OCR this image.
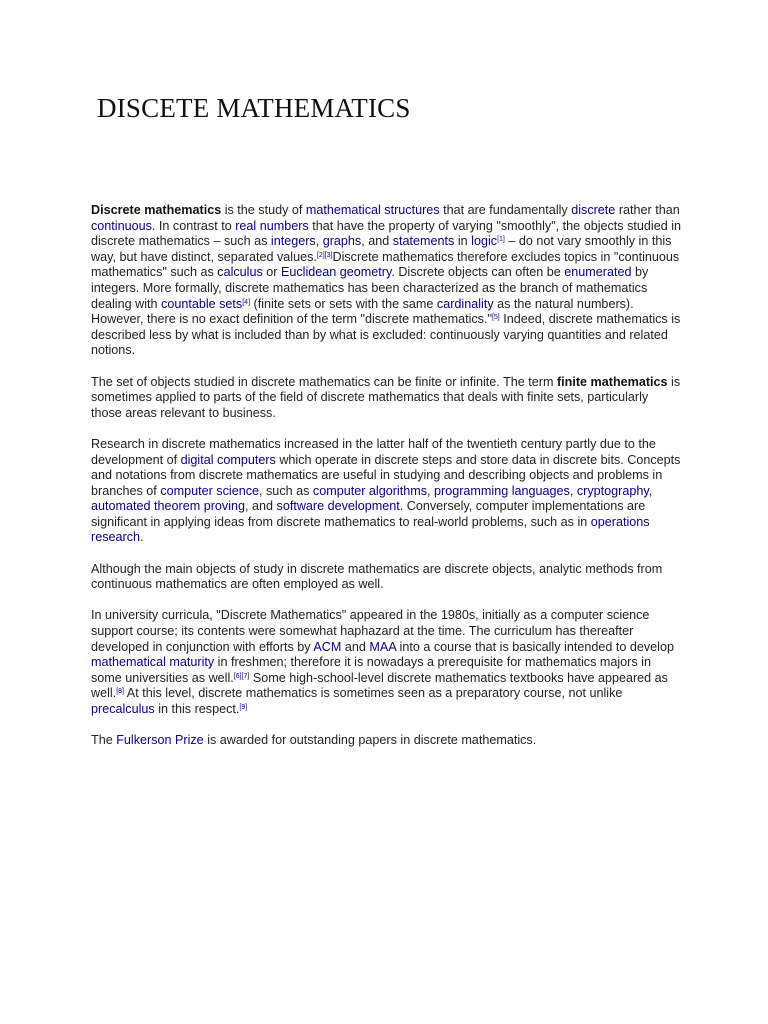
DISCETE MATHEMATICS

Discrete mathematics is the study of mathematical structures that are fundamentally discrete rather than continuous. In contrast to real numbers that have the property of varying "smoothly", the objects studied in discrete mathematics – such as integers, graphs, and statements in logic[1] – do not vary smoothly in this way, but have distinct, separated values.[2][3]Discrete mathematics therefore excludes topics in "continuous mathematics" such as calculus or Euclidean geometry. Discrete objects can often be enumerated by integers. More formally, discrete mathematics has been characterized as the branch of mathematics dealing with countable sets[4] (finite sets or sets with the same cardinality as the natural numbers). However, there is no exact definition of the term "discrete mathematics."[5] Indeed, discrete mathematics is described less by what is included than by what is excluded: continuously varying quantities and related notions.

The set of objects studied in discrete mathematics can be finite or infinite. The term finite mathematics is sometimes applied to parts of the field of discrete mathematics that deals with finite sets, particularly those areas relevant to business.

Research in discrete mathematics increased in the latter half of the twentieth century partly due to the development of digital computers which operate in discrete steps and store data in discrete bits. Concepts and notations from discrete mathematics are useful in studying and describing objects and problems in branches of computer science, such as computer algorithms, programming languages, cryptography, automated theorem proving, and software development. Conversely, computer implementations are significant in applying ideas from discrete mathematics to real-world problems, such as in operations research.

Although the main objects of study in discrete mathematics are discrete objects, analytic methods from continuous mathematics are often employed as well.

In university curricula, "Discrete Mathematics" appeared in the 1980s, initially as a computer science support course; its contents were somewhat haphazard at the time. The curriculum has thereafter developed in conjunction with efforts by ACM and MAA into a course that is basically intended to develop mathematical maturity in freshmen; therefore it is nowadays a prerequisite for mathematics majors in some universities as well.[6][7] Some high-school-level discrete mathematics textbooks have appeared as well.[8] At this level, discrete mathematics is sometimes seen as a preparatory course, not unlike precalculus in this respect.[9]

The Fulkerson Prize is awarded for outstanding papers in discrete mathematics.
